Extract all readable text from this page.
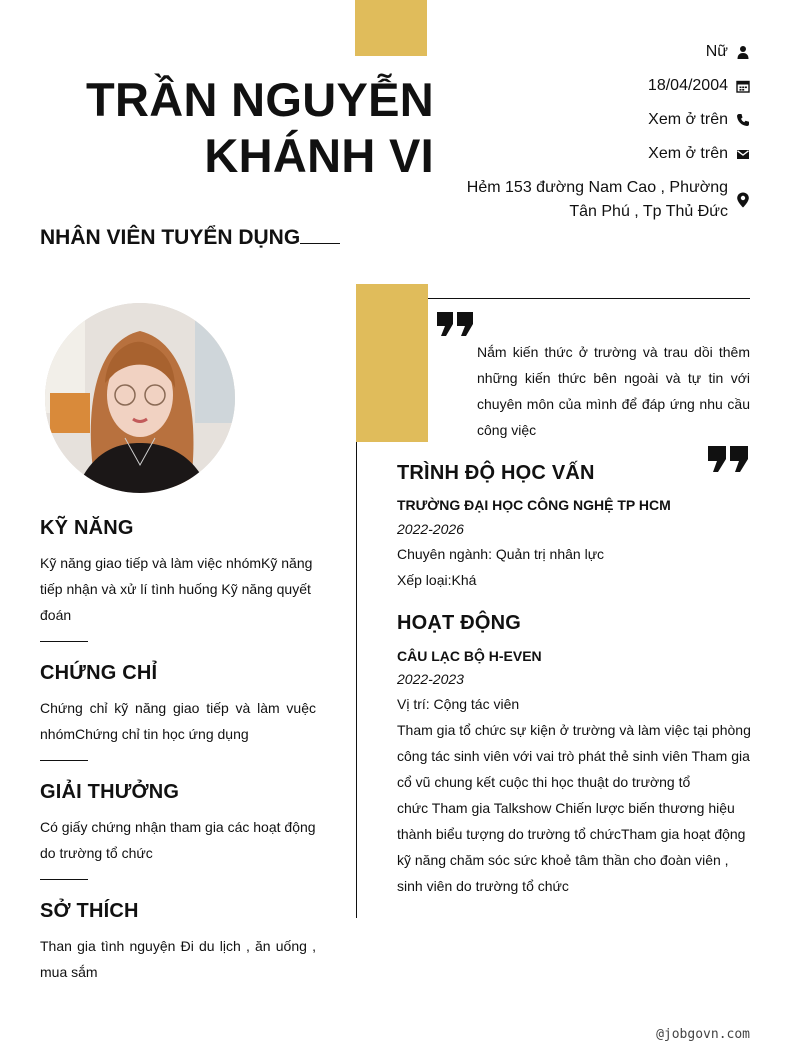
TRẦN NGUYỄN
KHÁNH VI
NHÂN VIÊN TUYỂN DỤNG
Nữ
18/04/2004
Xem ở trên
Xem ở trên
Hẻm 153 đường Nam Cao , Phường
Tân Phú , Tp Thủ Đức
KỸ NĂNG
Kỹ năng giao tiếp và làm việc nhómKỹ năng tiếp nhận và xử lí tình huống Kỹ năng quyết đoán
CHỨNG CHỈ
Chứng chỉ kỹ năng giao tiếp và làm vuệc nhómChứng chỉ tin học ứng dụng
GIẢI THƯỞNG
Có giấy chứng nhận tham gia các hoạt động do trường tổ chức
SỞ THÍCH
Than gia tình nguyện Đi du lịch , ăn uống , mua sắm
Nắm kiến thức ở trường và trau dồi thêm những kiến thức bên ngoài và tự tin với chuyên môn của mình để đáp ứng nhu cầu công việc
TRÌNH ĐỘ HỌC VẤN
TRƯỜNG ĐẠI HỌC CÔNG NGHỆ TP HCM
2022-2026
Chuyên ngành: Quản trị nhân lực
Xếp loại:Khá
HOẠT ĐỘNG
CÂU LẠC BỘ H-EVEN
2022-2023
Vị trí: Cộng tác viên
Tham gia tổ chức sự kiện ở trường và làm việc tại phòng
công tác sinh viên với vai trò phát thẻ sinh viên Tham gia
cổ vũ chung kết cuộc thi học thuật do trường tổ
chức Tham gia Talkshow Chiến lược biến thương hiệu
thành biểu tượng do trường tổ chứcTham gia hoạt động
kỹ năng chăm sóc sức khoẻ tâm thần cho đoàn viên ,
sinh viên do trường tổ chức
@jobgovn.com
